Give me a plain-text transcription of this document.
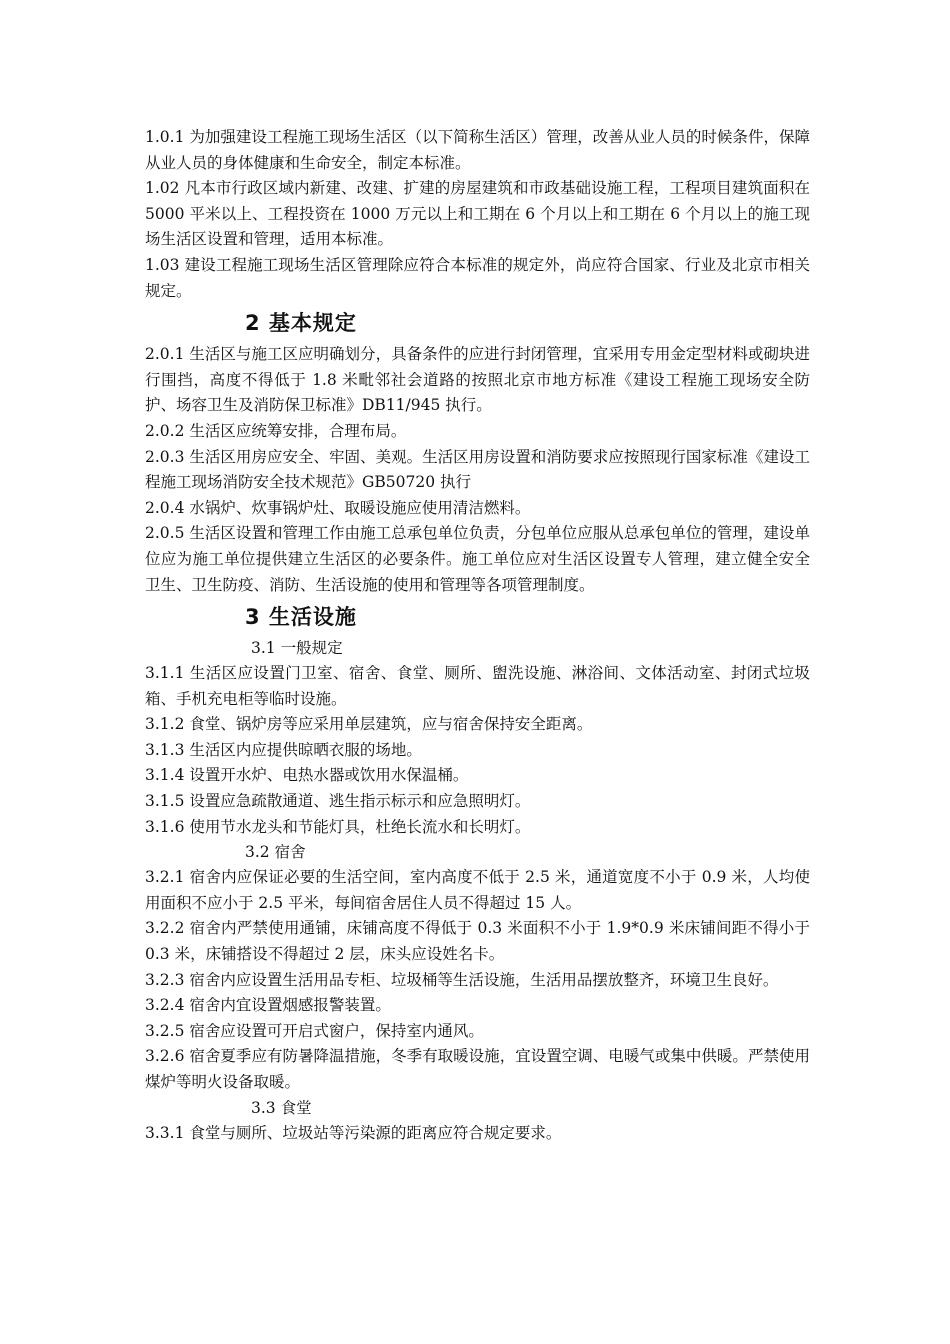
1.0.1 为加强建设工程施工现场生活区（以下简称生活区）管理，改善从业人员的时候条件，保障从业人员的身体健康和生命安全，制定本标准。

1.02 凡本市行政区域内新建、改建、扩建的房屋建筑和市政基础设施工程，工程项目建筑面积在 5000 平米以上、工程投资在 1000 万元以上和工期在 6 个月以上和工期在 6 个月以上的施工现场生活区设置和管理，适用本标准。

1.03 建设工程施工现场生活区管理除应符合本标准的规定外，尚应符合国家、行业及北京市相关规定。

2 基本规定

2.0.1 生活区与施工区应明确划分，具备条件的应进行封闭管理，宜采用专用金定型材料或砌块进行围挡，高度不得低于 1.8 米毗邻社会道路的按照北京市地方标准《建设工程施工现场安全防护、场容卫生及消防保卫标准》DB11/945 执行。

2.0.2 生活区应统筹安排，合理布局。

2.0.3 生活区用房应安全、牢固、美观。生活区用房设置和消防要求应按照现行国家标准《建设工程施工现场消防安全技术规范》GB50720 执行

2.0.4 水锅炉、炊事锅炉灶、取暖设施应使用清洁燃料。

2.0.5 生活区设置和管理工作由施工总承包单位负责，分包单位应服从总承包单位的管理，建设单位应为施工单位提供建立生活区的必要条件。施工单位应对生活区设置专人管理，建立健全安全卫生、卫生防疫、消防、生活设施的使用和管理等各项管理制度。

3 生活设施
3.1 一般规定

3.1.1 生活区应设置门卫室、宿舍、食堂、厕所、盥洗设施、淋浴间、文体活动室、封闭式垃圾箱、手机充电柜等临时设施。

3.1.2 食堂、锅炉房等应采用单层建筑，应与宿舍保持安全距离。

3.1.3 生活区内应提供晾晒衣服的场地。

3.1.4 设置开水炉、电热水器或饮用水保温桶。

3.1.5 设置应急疏散通道、逃生指示标示和应急照明灯。

3.1.6 使用节水龙头和节能灯具，杜绝长流水和长明灯。

3.2 宿舍

3.2.1 宿舍内应保证必要的生活空间，室内高度不低于 2.5 米，通道宽度不小于 0.9 米，人均使用面积不应小于 2.5 平米，每间宿舍居住人员不得超过 15 人。

3.2.2 宿舍内严禁使用通铺，床铺高度不得低于 0.3 米面积不小于 1.9*0.9 米床铺间距不得小于 0.3 米，床铺搭设不得超过 2 层，床头应设姓名卡。

3.2.3 宿舍内应设置生活用品专柜、垃圾桶等生活设施，生活用品摆放整齐，环境卫生良好。

3.2.4 宿舍内宜设置烟感报警装置。

3.2.5 宿舍应设置可开启式窗户，保持室内通风。

3.2.6 宿舍夏季应有防暑降温措施，冬季有取暖设施，宜设置空调、电暖气或集中供暖。严禁使用煤炉等明火设备取暖。

3.3 食堂

3.3.1 食堂与厕所、垃圾站等污染源的距离应符合规定要求。
